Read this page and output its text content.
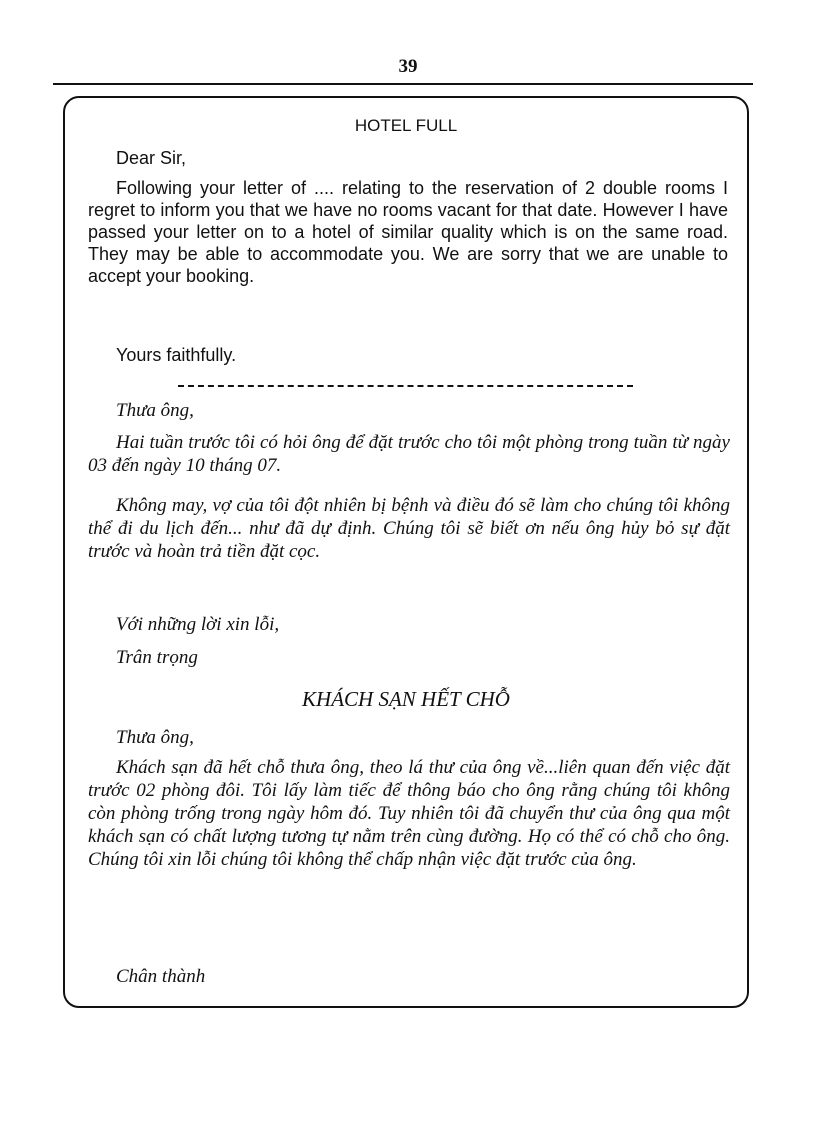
39
HOTEL FULL
Dear Sir,
Following your letter of .... relating to the reservation of 2 double rooms I regret to inform you that we have no rooms vacant for that date. However I have passed your letter on to a hotel of similar quality which is on the same road. They may be able to accommodate you. We are sorry that we are unable to accept your booking.
Yours faithfully.
Thưa ông,
Hai tuần trước tôi có hỏi ông để đặt trước cho tôi một phòng trong tuần từ ngày 03 đến ngày 10 tháng 07.
Không may, vợ của tôi đột nhiên bị bệnh và điều đó sẽ làm cho chúng tôi không thể đi du lịch đến... như đã dự định. Chúng tôi sẽ biết ơn nếu ông hủy bỏ sự đặt trước và hoàn trả tiền đặt cọc.
Với những lời xin lỗi,
Trân trọng
KHÁCH SẠN HẾT CHỖ
Thưa ông,
Khách sạn đã hết chỗ thưa ông, theo lá thư của ông về...liên quan đến việc đặt trước 02 phòng đôi. Tôi lấy làm tiếc để thông báo cho ông rằng chúng tôi không còn phòng trống trong ngày hôm đó. Tuy nhiên tôi đã chuyển thư của ông qua một khách sạn có chất lượng tương tự nằm trên cùng đường. Họ có thể có chỗ cho ông. Chúng tôi xin lỗi chúng tôi không thể chấp nhận việc đặt trước của ông.
Chân thành
